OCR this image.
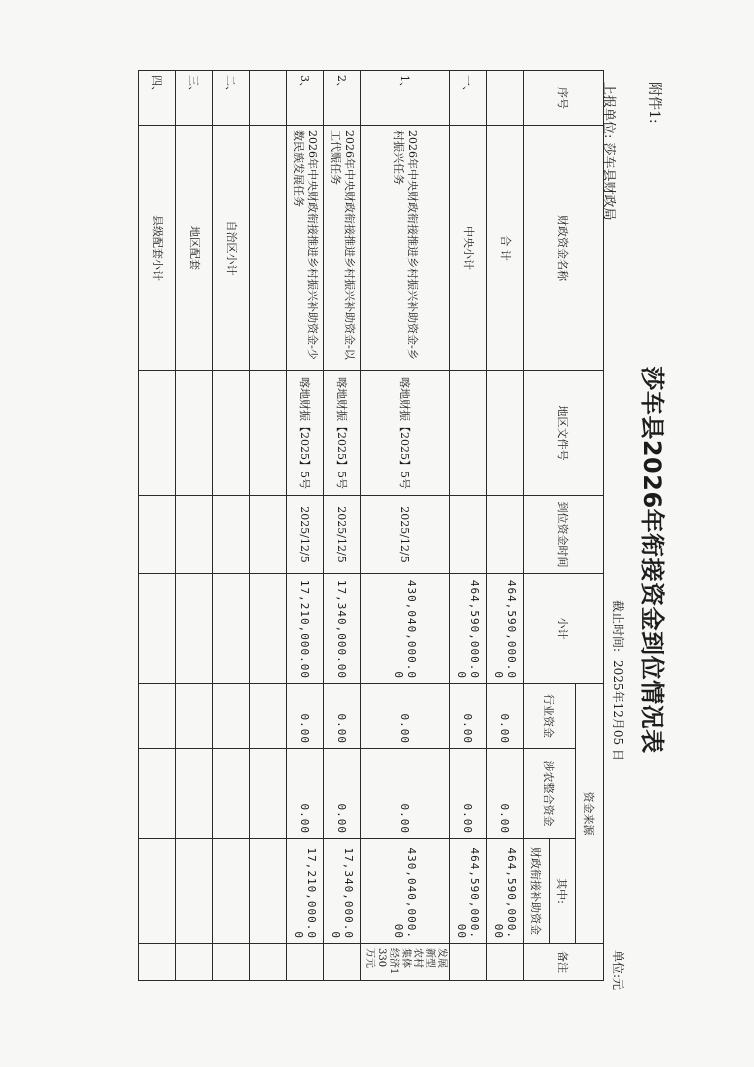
附件1:
莎车县2026年衔接资金到位情况表
截止时间:2025年12月05 日
单位:元
上报单位: 莎车县财政局
序号	财政资金名称	地区文件号	到位资金时间	小计	资金来源			备注
					行业资金	涉农整合资金	其中:	
							财政衔接补助资金	
	合 计			464,590,000.00	0.00	0.00	464,590,000.00	
一、	中央小计			464,590,000.00	0.00	0.00	464,590,000.00	
1、	2026年中央财政衔接推进乡村振兴补助资金-乡村振兴任务	喀地财振【2025】5号	2025/12/5	430,040,000.00	0.00	0.00	430,040,000.00	发展新型农村集体经济1330万元
2、	2026年中央财政衔接推进乡村振兴补助资金-以工代赈任务	喀地财振【2025】5号	2025/12/5	17,340,000.00	0.00	0.00	17,340,000.00	
3、	2026年中央财政衔接推进乡村振兴补助资金-少数民族发展任务	喀地财振【2025】5号	2025/12/5	17,210,000.00	0.00	0.00	17,210,000.00	

二、	自治区小计							
三、	地区配套							
四、	县级配套小计							
